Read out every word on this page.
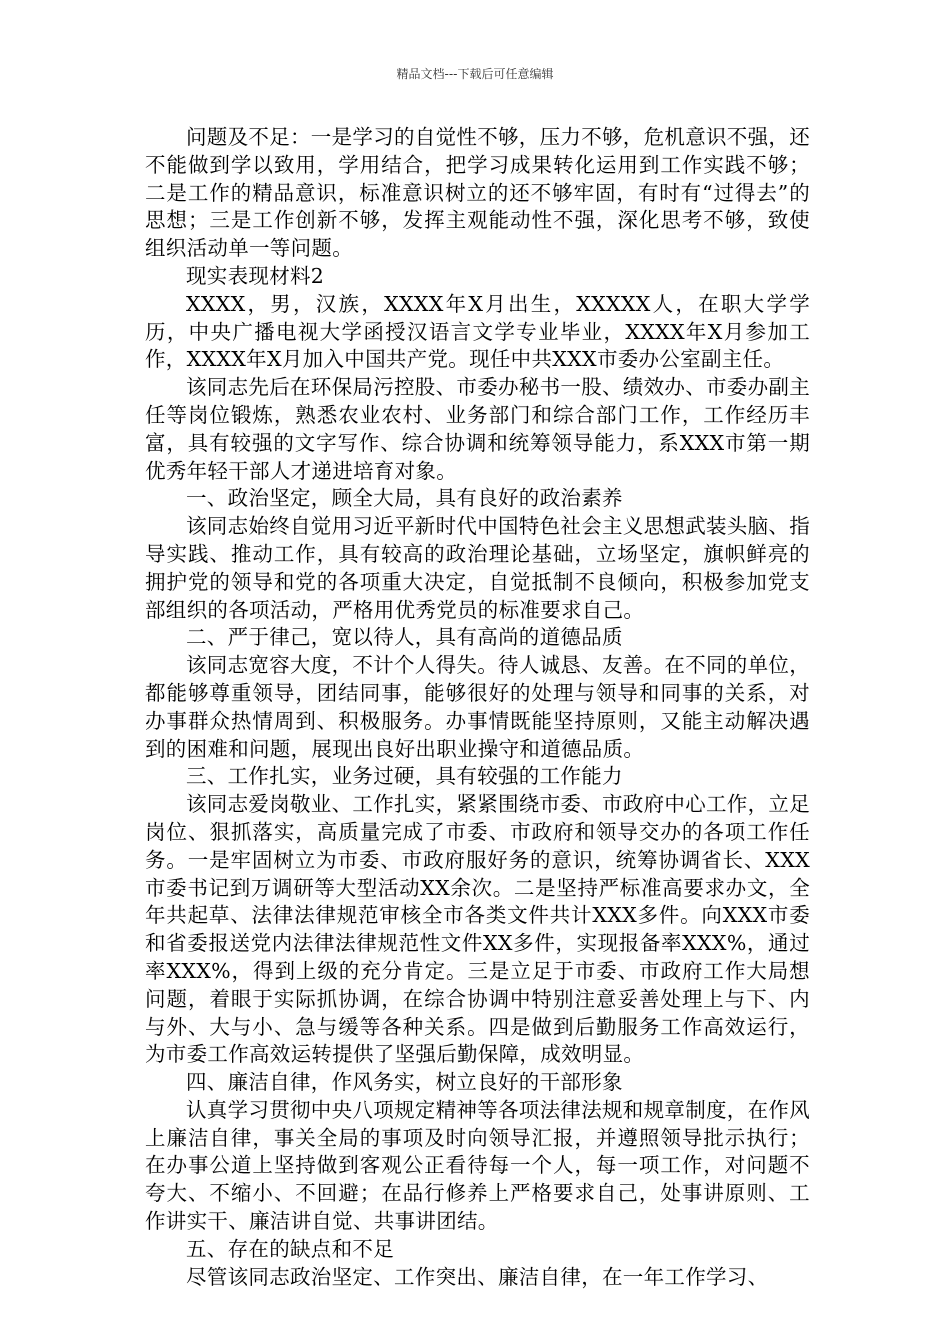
精品文档---下载后可任意编辑

问题及不足：一是学习的自觉性不够，压力不够，危机意识不强，还不能做到学以致用，学用结合，把学习成果转化运用到工作实践不够；二是工作的精品意识，标准意识树立的还不够牢固，有时有“过得去”的思想；三是工作创新不够，发挥主观能动性不强，深化思考不够，致使组织活动单一等问题。

现实表现材料2

XXXX，男，汉族，XXXX年X月出生，XXXXX人，在职大学学历，中央广播电视大学函授汉语言文学专业毕业，XXXX年X月参加工作，XXXX年X月加入中国共产党。现任中共XXX市委办公室副主任。

该同志先后在环保局污控股、市委办秘书一股、绩效办、市委办副主任等岗位锻炼，熟悉农业农村、业务部门和综合部门工作，工作经历丰富，具有较强的文字写作、综合协调和统筹领导能力，系XXX市第一期优秀年轻干部人才递进培育对象。

一、政治坚定，顾全大局，具有良好的政治素养

该同志始终自觉用习近平新时代中国特色社会主义思想武装头脑、指导实践、推动工作，具有较高的政治理论基础，立场坚定，旗帜鲜亮的拥护党的领导和党的各项重大决定，自觉抵制不良倾向，积极参加党支部组织的各项活动，严格用优秀党员的标准要求自己。

二、严于律己，宽以待人，具有高尚的道德品质

该同志宽容大度，不计个人得失。待人诚恳、友善。在不同的单位，都能够尊重领导，团结同事，能够很好的处理与领导和同事的关系，对办事群众热情周到、积极服务。办事情既能坚持原则，又能主动解决遇到的困难和问题，展现出良好出职业操守和道德品质。

三、工作扎实，业务过硬，具有较强的工作能力

该同志爱岗敬业、工作扎实，紧紧围绕市委、市政府中心工作，立足岗位、狠抓落实，高质量完成了市委、市政府和领导交办的各项工作任务。一是牢固树立为市委、市政府服好务的意识，统筹协调省长、XXX市委书记到万调研等大型活动XX余次。二是坚持严标准高要求办文，全年共起草、法律法律规范审核全市各类文件共计XXX多件。向XXX市委和省委报送党内法律法律规范性文件XX多件，实现报备率XXX%，通过率XXX%，得到上级的充分肯定。三是立足于市委、市政府工作大局想问题，着眼于实际抓协调，在综合协调中特别注意妥善处理上与下、内与外、大与小、急与缓等各种关系。四是做到后勤服务工作高效运行，为市委工作高效运转提供了坚强后勤保障，成效明显。

四、廉洁自律，作风务实，树立良好的干部形象

认真学习贯彻中央八项规定精神等各项法律法规和规章制度，在作风上廉洁自律，事关全局的事项及时向领导汇报，并遵照领导批示执行；在办事公道上坚持做到客观公正看待每一个人，每一项工作，对问题不夸大、不缩小、不回避；在品行修养上严格要求自己，处事讲原则、工作讲实干、廉洁讲自觉、共事讲团结。

五、存在的缺点和不足

尽管该同志政治坚定、工作突出、廉洁自律，在一年工作学习、
